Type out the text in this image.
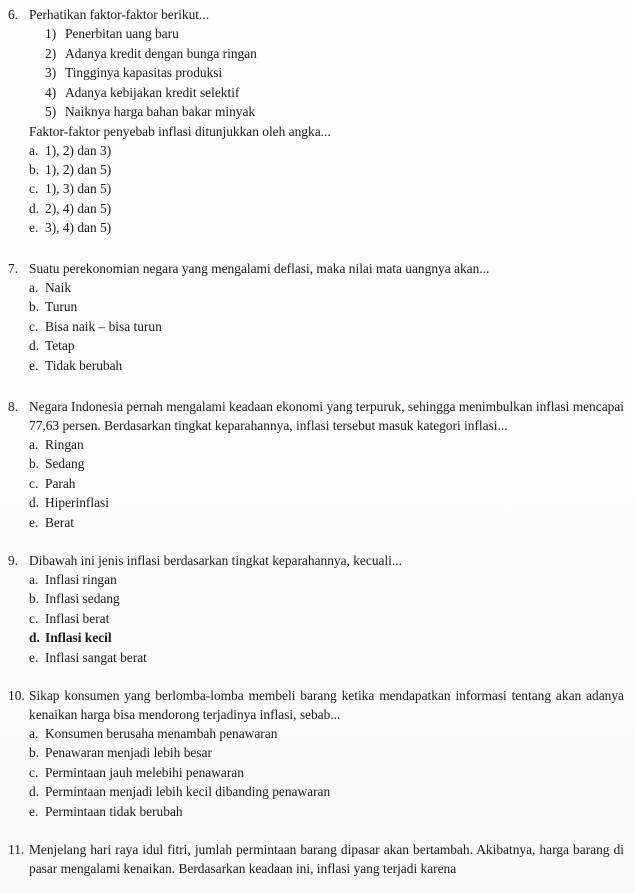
6. Perhatikan faktor-faktor berikut...
1) Penerbitan uang baru
2) Adanya kredit dengan bunga ringan
3) Tingginya kapasitas produksi
4) Adanya kebijakan kredit selektif
5) Naiknya harga bahan bakar minyak
Faktor-faktor penyebab inflasi ditunjukkan oleh angka...
a. 1), 2) dan 3)
b. 1), 2) dan 5)
c. 1), 3) dan 5)
d. 2), 4) dan 5)
e. 3), 4) dan 5)
7. Suatu perekonomian negara yang mengalami deflasi, maka nilai mata uangnya akan...
a. Naik
b. Turun
c. Bisa naik – bisa turun
d. Tetap
e. Tidak berubah
8. Negara Indonesia pernah mengalami keadaan ekonomi yang terpuruk, sehingga menimbulkan inflasi mencapai 77,63 persen. Berdasarkan tingkat keparahannya, inflasi tersebut masuk kategori inflasi...
a. Ringan
b. Sedang
c. Parah
d. Hiperinflasi
e. Berat
9. Dibawah ini jenis inflasi berdasarkan tingkat keparahannya, kecuali...
a. Inflasi ringan
b. Inflasi sedang
c. Inflasi berat
d. Inflasi kecil
e. Inflasi sangat berat
10. Sikap konsumen yang berlomba-lomba membeli barang ketika mendapatkan informasi tentang akan adanya kenaikan harga bisa mendorong terjadinya inflasi, sebab...
a. Konsumen berusaha menambah penawaran
b. Penawaran menjadi lebih besar
c. Permintaan jauh melebihi penawaran
d. Permintaan menjadi lebih kecil dibanding penawaran
e. Permintaan tidak berubah
11. Menjelang hari raya idul fitri, jumlah permintaan barang dipasar akan bertambah. Akibatnya, harga barang di pasar mengalami kenaikan. Berdasarkan keadaan ini, inflasi yang terjadi karena
